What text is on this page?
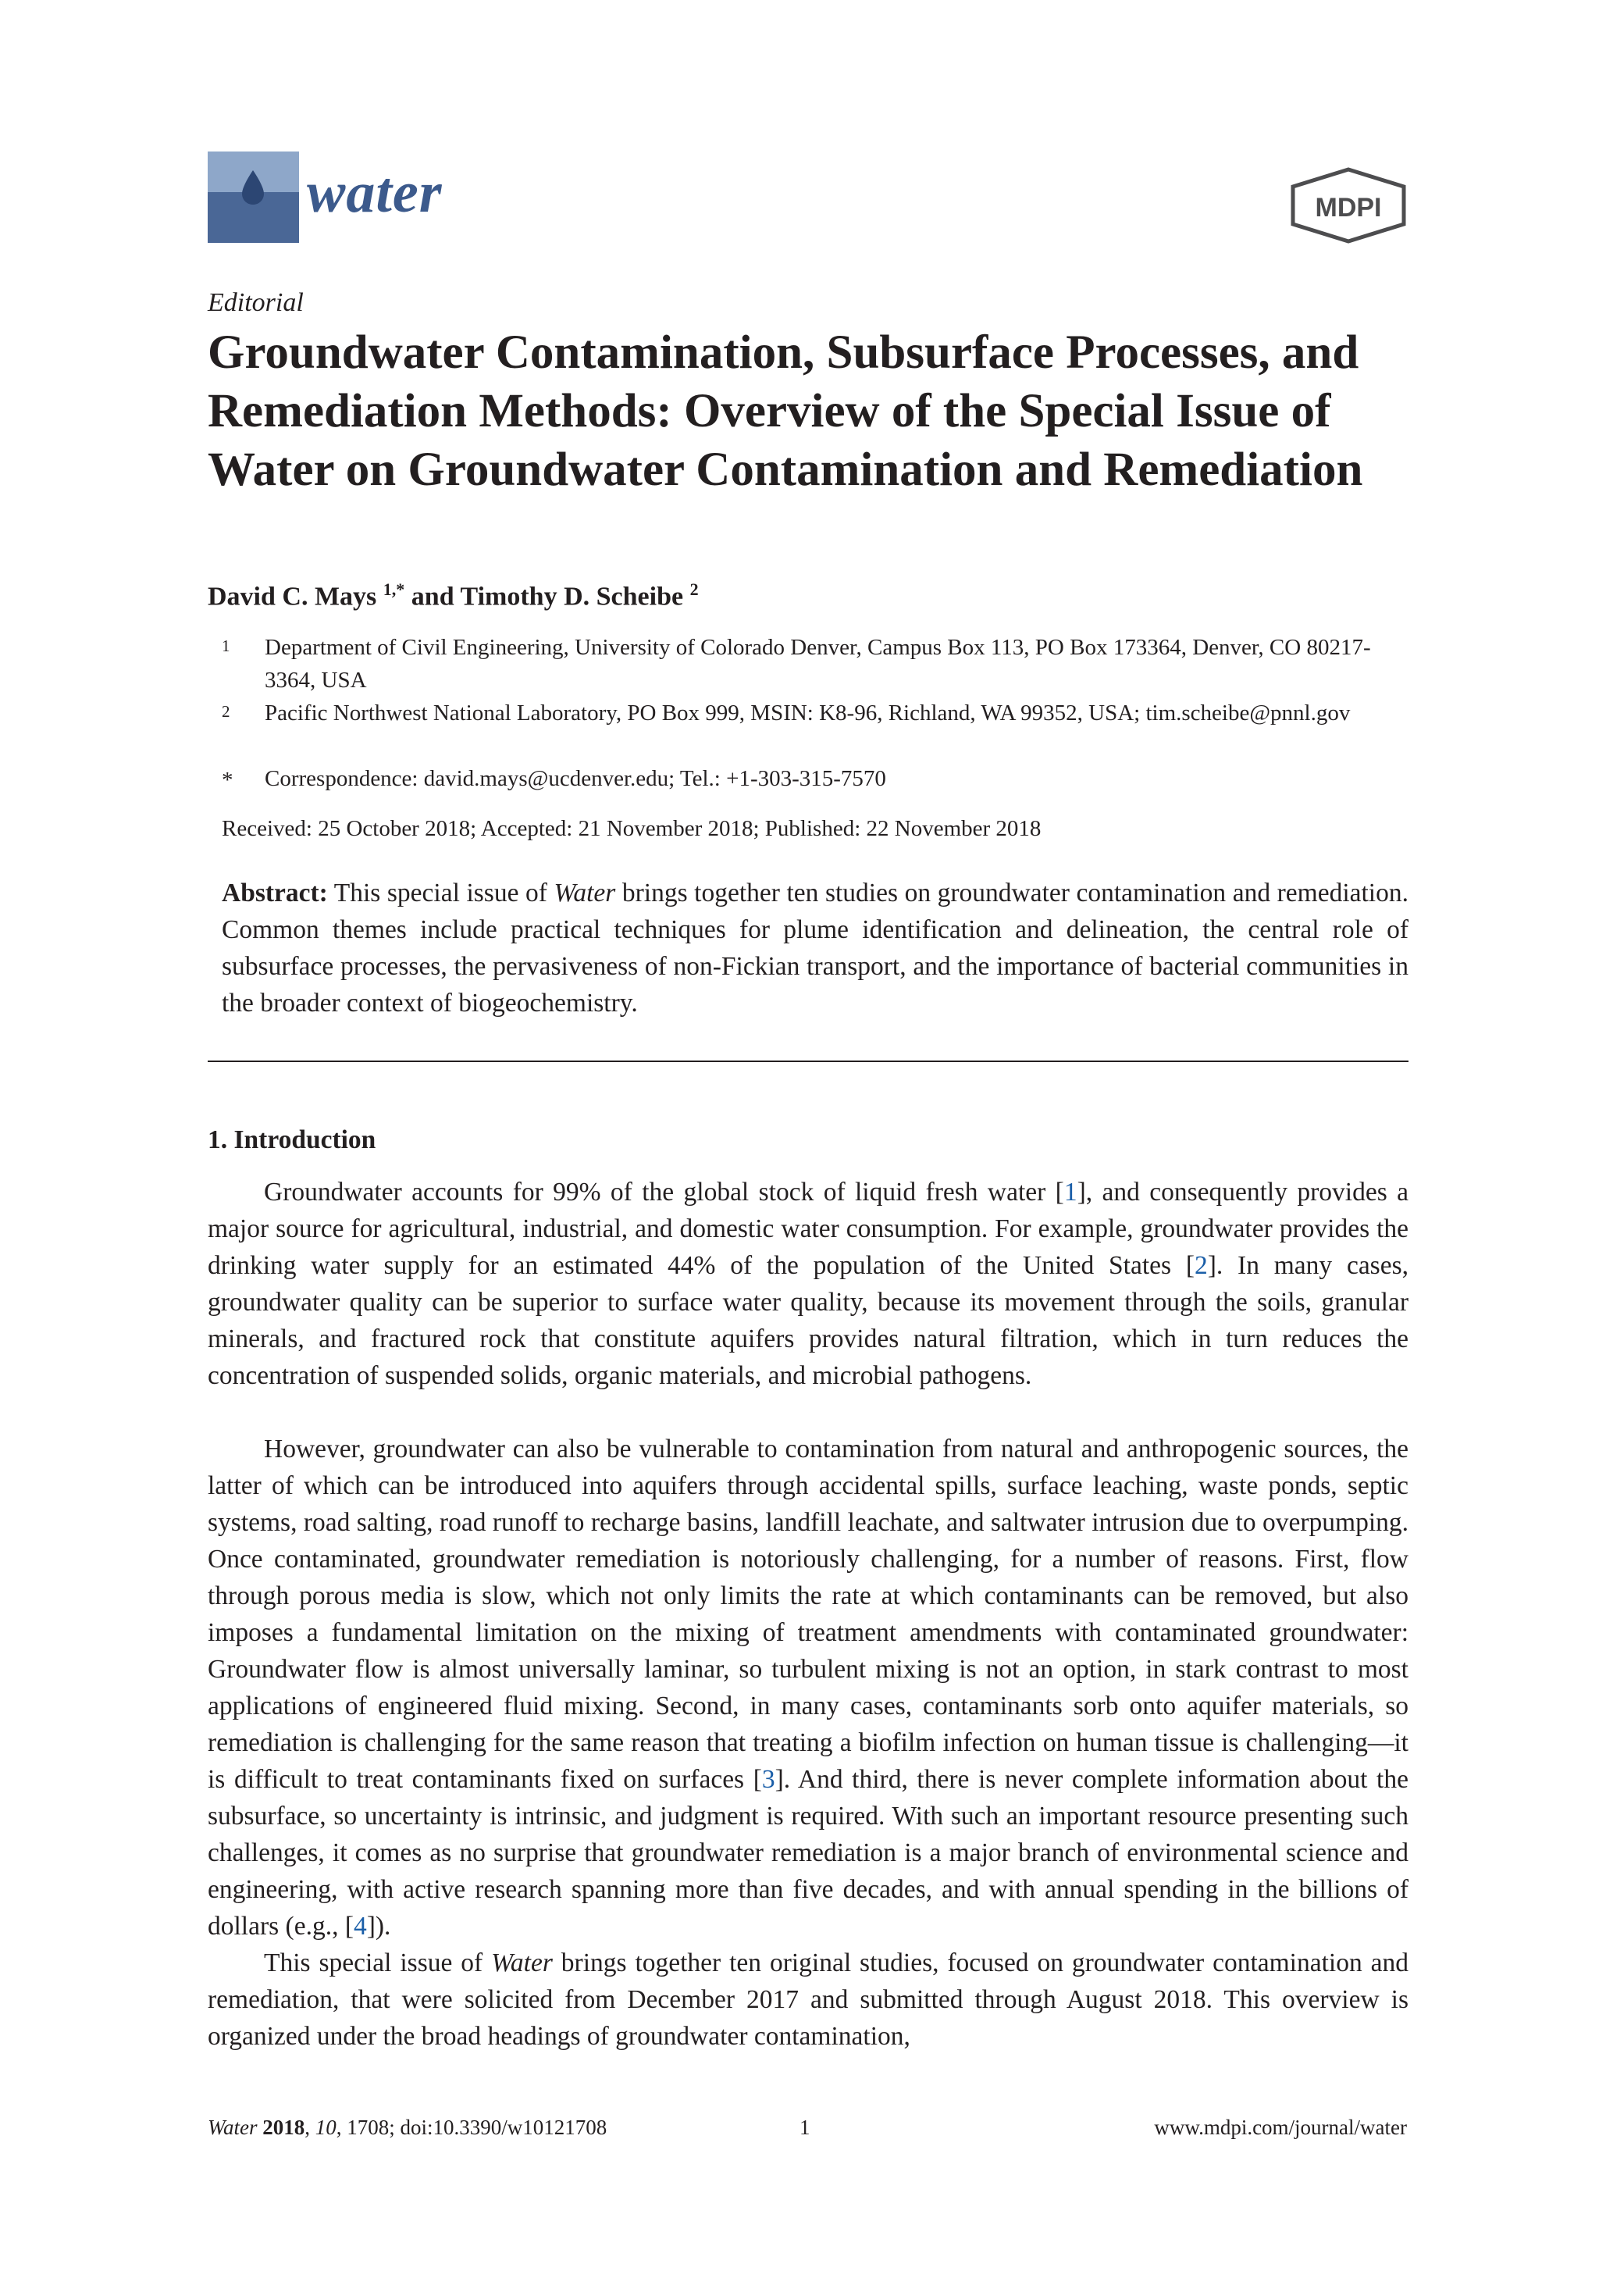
water	MDPI
Editorial
Groundwater Contamination, Subsurface Processes, and Remediation Methods: Overview of the Special Issue of Water on Groundwater Contamination and Remediation
David C. Mays $^{1,*}$ and Timothy D. Scheibe $^2$
1 Department of Civil Engineering, University of Colorado Denver, Campus Box 113, PO Box 173364, Denver, CO 80217-3364, USA
2 Pacific Northwest National Laboratory, PO Box 999, MSIN: K8-96, Richland, WA 99352, USA; tim.scheibe@pnnl.gov
* Correspondence: david.mays@ucdenver.edu; Tel.: +1-303-315-7570
Received: 25 October 2018; Accepted: 21 November 2018; Published: 22 November 2018

Abstract: This special issue of Water brings together ten studies on groundwater contamination and remediation. Common themes include practical techniques for plume identification and delineation, the central role of subsurface processes, the pervasiveness of non-Fickian transport, and the importance of bacterial communities in the broader context of biogeochemistry.

1. Introduction

Groundwater accounts for 99% of the global stock of liquid fresh water [1], and consequently provides a major source for agricultural, industrial, and domestic water consumption. For example, groundwater provides the drinking water supply for an estimated 44% of the population of the United States [2]. In many cases, groundwater quality can be superior to surface water quality, because its movement through the soils, granular minerals, and fractured rock that constitute aquifers provides natural filtration, which in turn reduces the concentration of suspended solids, organic materials, and microbial pathogens.

However, groundwater can also be vulnerable to contamination from natural and anthropogenic sources, the latter of which can be introduced into aquifers through accidental spills, surface leaching, waste ponds, septic systems, road salting, road runoff to recharge basins, landfill leachate, and saltwater intrusion due to overpumping. Once contaminated, groundwater remediation is notoriously challenging, for a number of reasons. First, flow through porous media is slow, which not only limits the rate at which contaminants can be removed, but also imposes a fundamental limitation on the mixing of treatment amendments with contaminated groundwater: Groundwater flow is almost universally laminar, so turbulent mixing is not an option, in stark contrast to most applications of engineered fluid mixing. Second, in many cases, contaminants sorb onto aquifer materials, so remediation is challenging for the same reason that treating a biofilm infection on human tissue is challenging—it is difficult to treat contaminants fixed on surfaces [3]. And third, there is never complete information about the subsurface, so uncertainty is intrinsic, and judgment is required. With such an important resource presenting such challenges, it comes as no surprise that groundwater remediation is a major branch of environmental science and engineering, with active research spanning more than five decades, and with annual spending in the billions of dollars (e.g., [4]).

This special issue of Water brings together ten original studies, focused on groundwater contamination and remediation, that were solicited from December 2017 and submitted through August 2018. This overview is organized under the broad headings of groundwater contamination,

Water 2018, 10, 1708; doi:10.3390/w10121708	1	www.mdpi.com/journal/water
